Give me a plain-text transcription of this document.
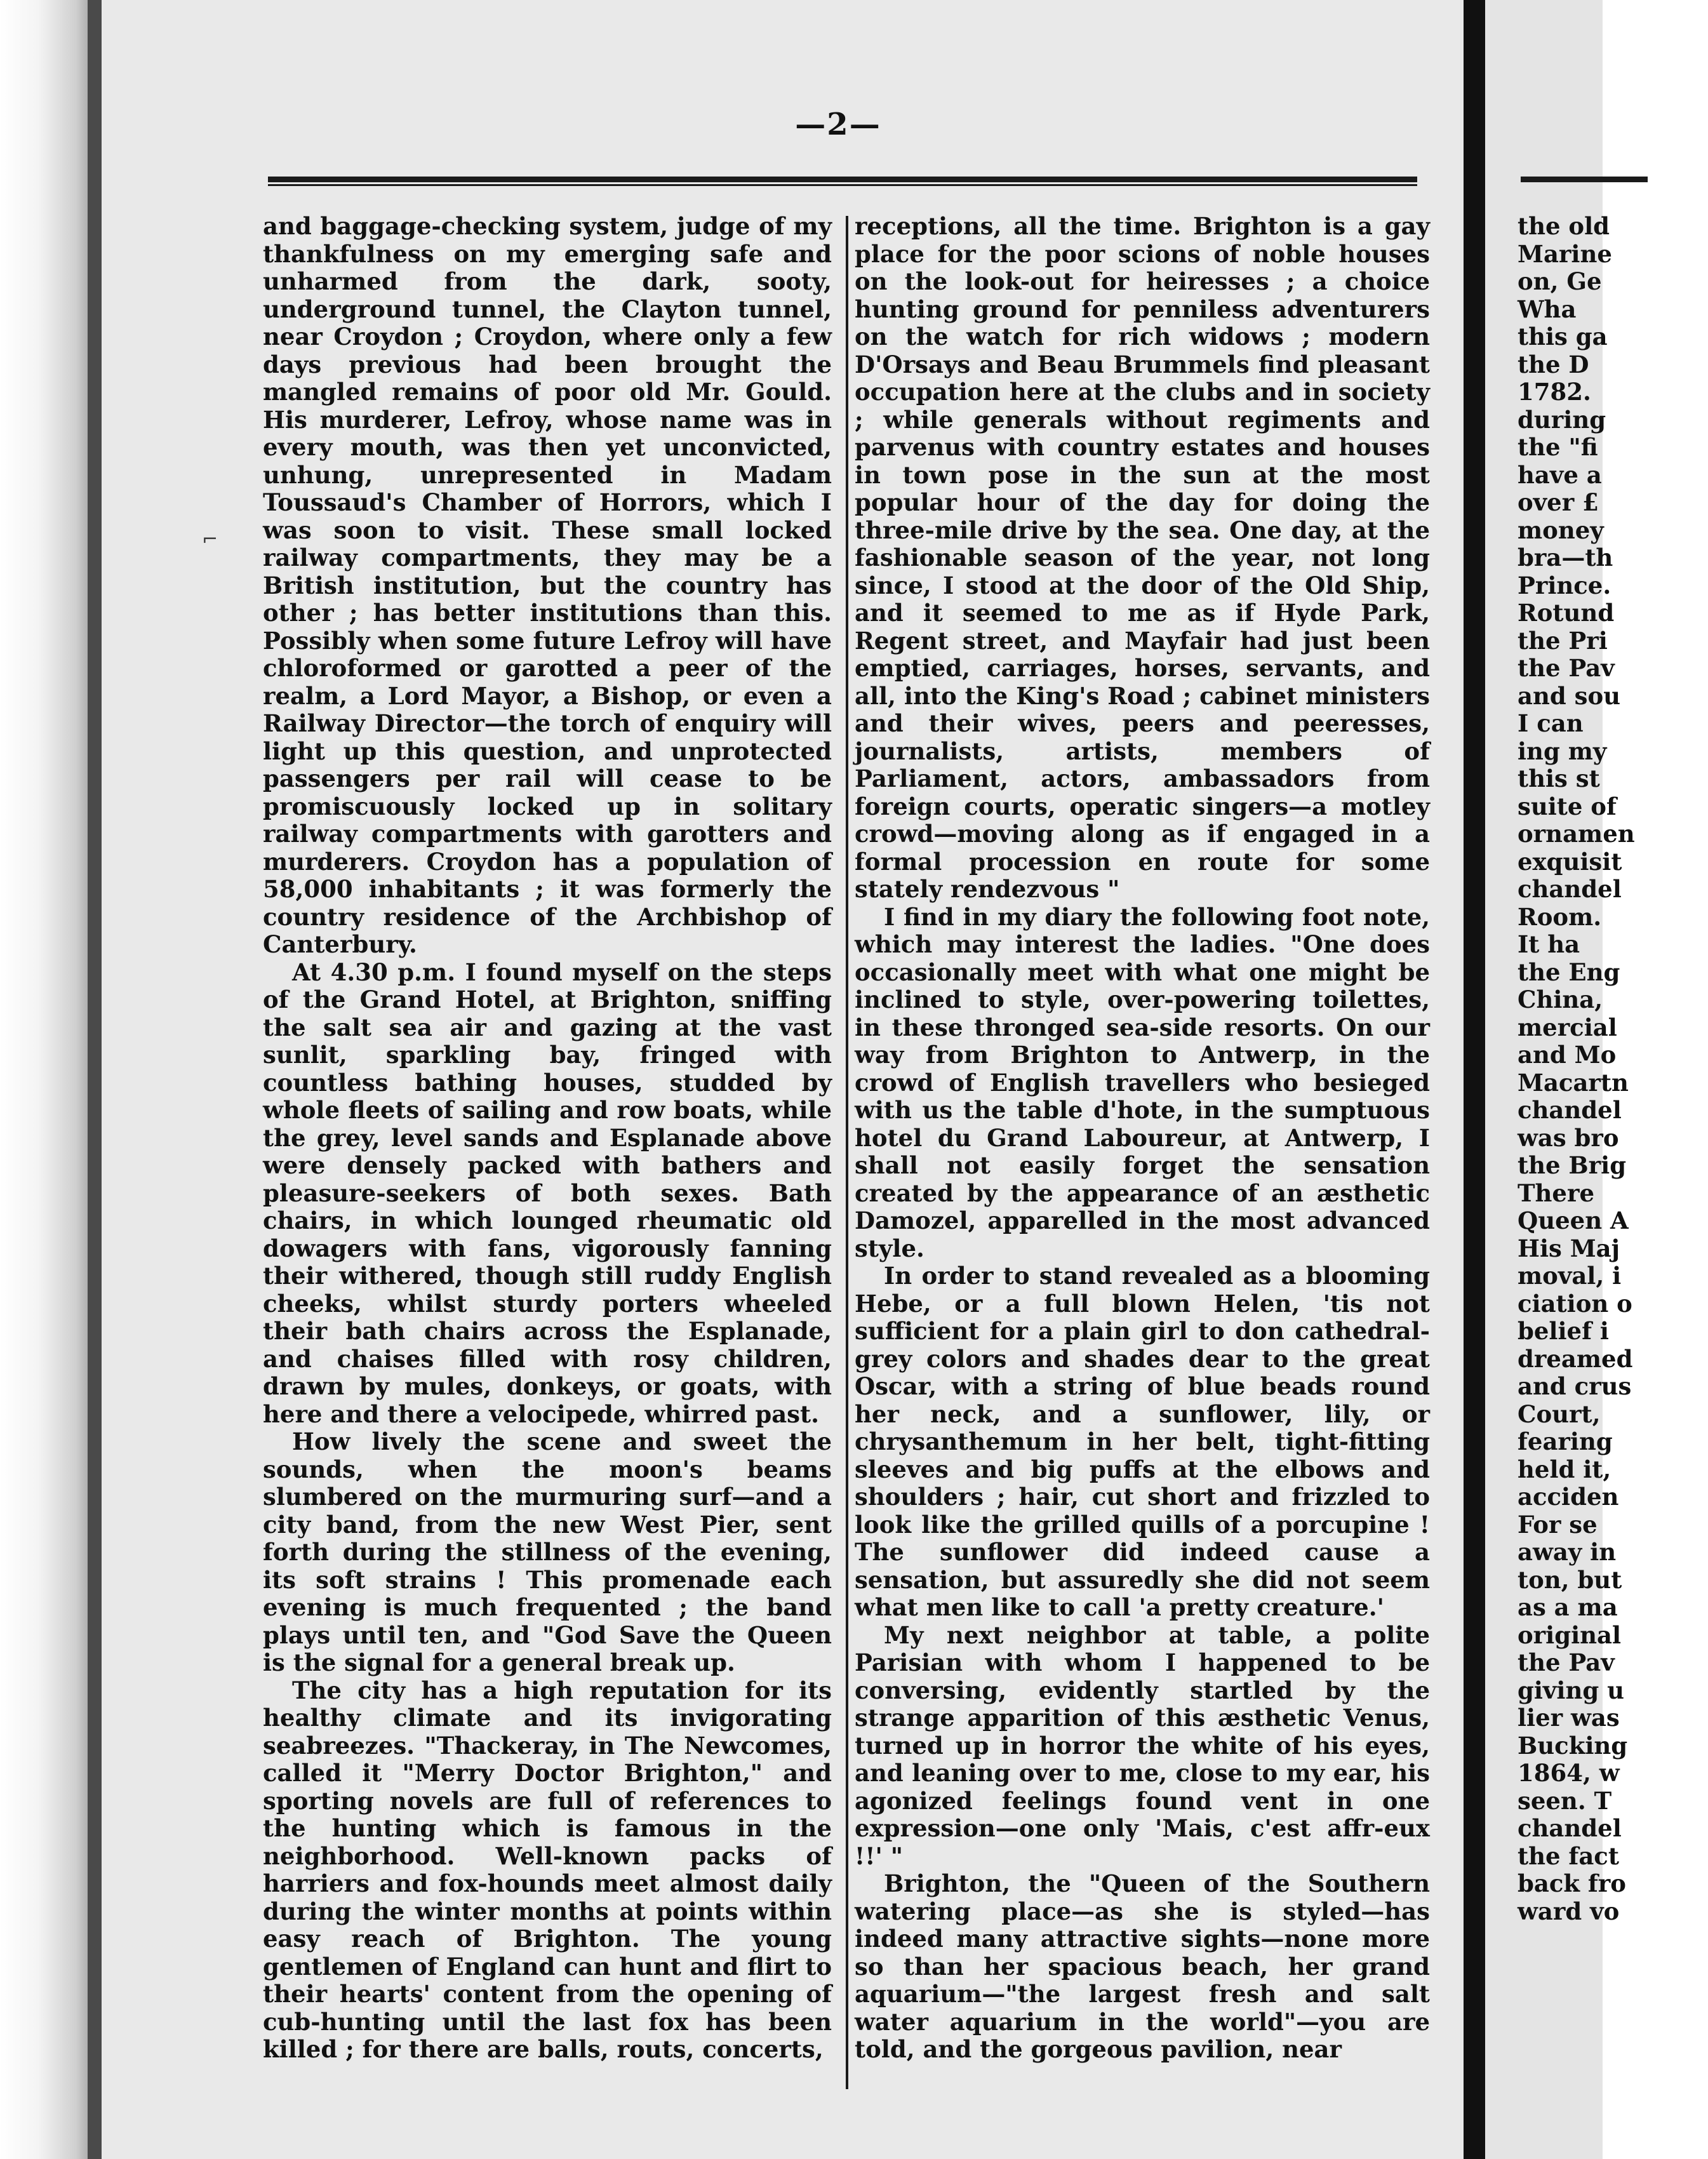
—2—
⌐

and baggage-checking system, judge of my thankfulness on my emerging safe and unharmed from the dark, sooty, underground tunnel, the Clayton tunnel, near Croydon ; Croydon, where only a few days previous had been brought the mangled remains of poor old Mr. Gould. His murderer, Lefroy, whose name was in every mouth, was then yet unconvicted, unhung, unrepresented in Madam Toussaud's Chamber of Horrors, which I was soon to visit. These small locked railway compartments, they may be a British institution, but the country has other ; has better institutions than this. Possibly when some future Lefroy will have chloroformed or garotted a peer of the realm, a Lord Mayor, a Bishop, or even a Railway Director—the torch of enquiry will light up this question, and unprotected passengers per rail will cease to be promiscuously locked up in solitary railway compartments with garotters and murderers. Croydon has a population of 58,000 inhabitants ; it was formerly the country residence of the Archbishop of Canterbury.

At 4.30 p.m. I found myself on the steps of the Grand Hotel, at Brighton, sniffing the salt sea air and gazing at the vast sunlit, sparkling bay, fringed with countless bathing houses, studded by whole fleets of sailing and row boats, while the grey, level sands and Esplanade above were densely packed with bathers and pleasure-seekers of both sexes. Bath chairs, in which lounged rheumatic old dowagers with fans, vigorously fanning their withered, though still ruddy English cheeks, whilst sturdy porters wheeled their bath chairs across the Esplanade, and chaises filled with rosy children, drawn by mules, donkeys, or goats, with here and there a velocipede, whirred past.

How lively the scene and sweet the sounds, when the moon's beams slumbered on the murmuring surf—and a city band, from the new West Pier, sent forth during the stillness of the evening, its soft strains ! This promenade each evening is much frequented ; the band plays until ten, and "God Save the Queen is the signal for a general break up.

The city has a high reputation for its healthy climate and its invigorating seabreezes. "Thackeray, in The Newcomes, called it "Merry Doctor Brighton," and sporting novels are full of references to the hunting which is famous in the neighborhood. Well-known packs of harriers and fox-hounds meet almost daily during the winter months at points within easy reach of Brighton. The young gentlemen of England can hunt and flirt to their hearts' content from the opening of cub-hunting until the last fox has been killed ; for there are balls, routs, concerts,

receptions, all the time. Brighton is a gay place for the poor scions of noble houses on the look-out for heiresses ; a choice hunting ground for penniless adventurers on the watch for rich widows ; modern D'Orsays and Beau Brummels find pleasant occupation here at the clubs and in society ; while generals without regiments and parvenus with country estates and houses in town pose in the sun at the most popular hour of the day for doing the three-mile drive by the sea. One day, at the fashionable season of the year, not long since, I stood at the door of the Old Ship, and it seemed to me as if Hyde Park, Regent street, and Mayfair had just been emptied, carriages, horses, servants, and all, into the King's Road ; cabinet ministers and their wives, peers and peeresses, journalists, artists, members of Parliament, actors, ambassadors from foreign courts, operatic singers—a motley crowd—moving along as if engaged in a formal procession en route for some stately rendezvous "

I find in my diary the following foot note, which may interest the ladies. "One does occasionally meet with what one might be inclined to style, over-powering toilettes, in these thronged sea-side resorts. On our way from Brighton to Antwerp, in the crowd of English travellers who besieged with us the table d'hote, in the sumptuous hotel du Grand Laboureur, at Antwerp, I shall not easily forget the sensation created by the appearance of an æsthetic Damozel, apparelled in the most advanced style.

In order to stand revealed as a blooming Hebe, or a full blown Helen, 'tis not sufficient for a plain girl to don cathedral-grey colors and shades dear to the great Oscar, with a string of blue beads round her neck, and a sunflower, lily, or chrysanthemum in her belt, tight-fitting sleeves and big puffs at the elbows and shoulders ; hair, cut short and frizzled to look like the grilled quills of a porcupine ! The sunflower did indeed cause a sensation, but assuredly she did not seem what men like to call 'a pretty creature.'

My next neighbor at table, a polite Parisian with whom I happened to be conversing, evidently startled by the strange apparition of this æsthetic Venus, turned up in horror the white of his eyes, and leaning over to me, close to my ear, his agonized feelings found vent in one expression—one only 'Mais, c'est affr-eux !!' "

Brighton, the "Queen of the Southern watering place—as she is styled—has indeed many attractive sights—none more so than her spacious beach, her grand aquarium—"the largest fresh and salt water aquarium in the world"—you are told, and the gorgeous pavilion, near

the old
Marine
on, Ge
Wha
this ga
the D
1782.
during
the "fi
have a
over £
money
bra—th
Prince.
Rotund
the Pri
the Pav
and sou
I can
ing my
this st
suite of
ornamen
exquisit
chandel
Room.
It ha
the Eng
China,
mercial
and Mo
Macartn
chandel
was bro
the Brig
There
Queen A
His Maj
moval, i
ciation o
belief i
dreamed
and crus
Court,
fearing
held it,
acciden
For se
away in
ton, but
as a ma
original
the Pav
giving u
lier was
Bucking
1864, w
seen. T
chandel
the fact
back fro
ward vo
